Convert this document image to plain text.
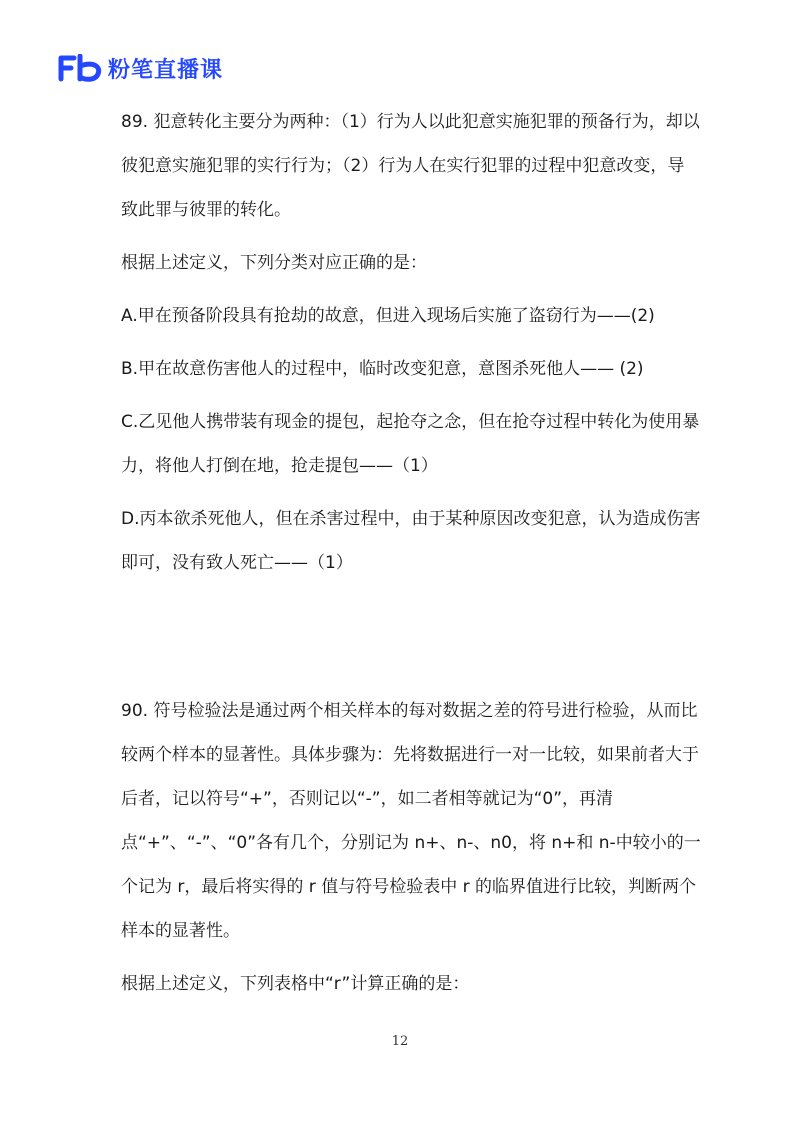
粉笔直播课

89. 犯意转化主要分为两种：（1）行为人以此犯意实施犯罪的预备行为，却以彼犯意实施犯罪的实行行为；（2）行为人在实行犯罪的过程中犯意改变，导致此罪与彼罪的转化。

根据上述定义，下列分类对应正确的是：

A.甲在预备阶段具有抢劫的故意，但进入现场后实施了盗窃行为——(2)

B.甲在故意伤害他人的过程中，临时改变犯意，意图杀死他人—— (2)

C.乙见他人携带装有现金的提包，起抢夺之念，但在抢夺过程中转化为使用暴力，将他人打倒在地，抢走提包——（1）

D.丙本欲杀死他人，但在杀害过程中，由于某种原因改变犯意，认为造成伤害即可，没有致人死亡——（1）

90. 符号检验法是通过两个相关样本的每对数据之差的符号进行检验，从而比较两个样本的显著性。具体步骤为：先将数据进行一对一比较，如果前者大于后者，记以符号“+”，否则记以“-”，如二者相等就记为“0”，再清点“+”、“-”、“0”各有几个，分别记为 n+、n-、n0，将 n+和 n-中较小的一个记为 r，最后将实得的 r 值与符号检验表中 r 的临界值进行比较，判断两个样本的显著性。

根据上述定义，下列表格中“r”计算正确的是：

12
